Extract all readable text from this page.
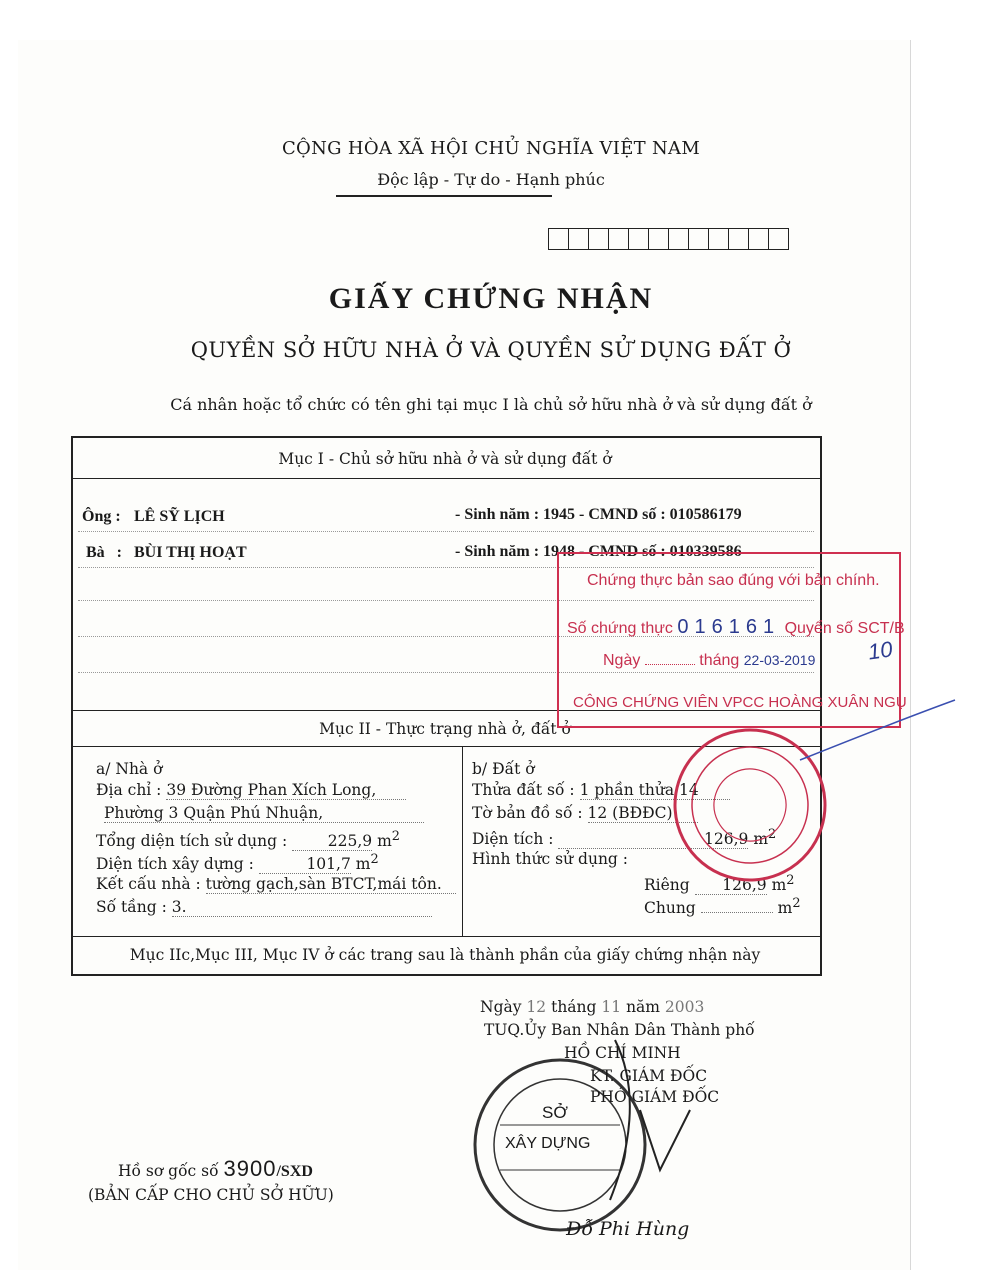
CỘNG HÒA XÃ HỘI CHỦ NGHĨA VIỆT NAM
Độc lập - Tự do - Hạnh phúc
GIẤY CHỨNG NHẬN
QUYỀN SỞ HỮU NHÀ Ở VÀ QUYỀN SỬ DỤNG ĐẤT Ở
Cá nhân hoặc tổ chức có tên ghi tại mục I là chủ sở hữu nhà ở và sử dụng đất ở
Mục I - Chủ sở hữu nhà ở và sử dụng đất ở
Ông : LÊ SỸ LỊCH	- Sinh năm : 1945 - CMND số : 010586179
Bà   : BÙI THỊ HOẠT	- Sinh năm : 1948 - CMND số : 010339586
Mục II - Thực trạng nhà ở, đất ở
a/ Nhà ở
Địa chỉ : 39 Đường Phan Xích Long,
Phường 3 Quận Phú Nhuận,
Tổng diện tích sử dụng :	225,9 $m^2$
Diện tích xây dựng :	101,7 $m^2$
Kết cấu nhà : tường gạch,sàn BTCT,mái tôn.
Số tầng : 3.
b/ Đất ở
Thửa đất số : 1 phần thửa 14
Tờ bản đồ số : 12 (BĐĐC)
Diện tích :	126,9 $m^2$
Hình thức sử dụng :
Riêng 126,9 $m^2$
Chung	$m^2$
Mục IIc,Mục III, Mục IV ở các trang sau là thành phần của giấy chứng nhận này
Chứng thực bản sao đúng với bản chính.
Số chứng thực 016161 Quyển số SCT/B
Ngày	tháng 22-03-2019
CÔNG CHỨNG VIÊN VPCC HOÀNG XUÂN NGỤ
10
SỞ
XÂY DỰNG
Ngày 12 tháng 11 năm 2003
TUQ.Ủy Ban Nhân Dân Thành phố
HỒ CHÍ MINH
KT. GIÁM ĐỐC
PHÓ GIÁM ĐỐC
Đỗ Phi Hùng
Hồ sơ gốc số 3900/SXD
(BẢN CẤP CHO CHỦ SỞ HỮU)
